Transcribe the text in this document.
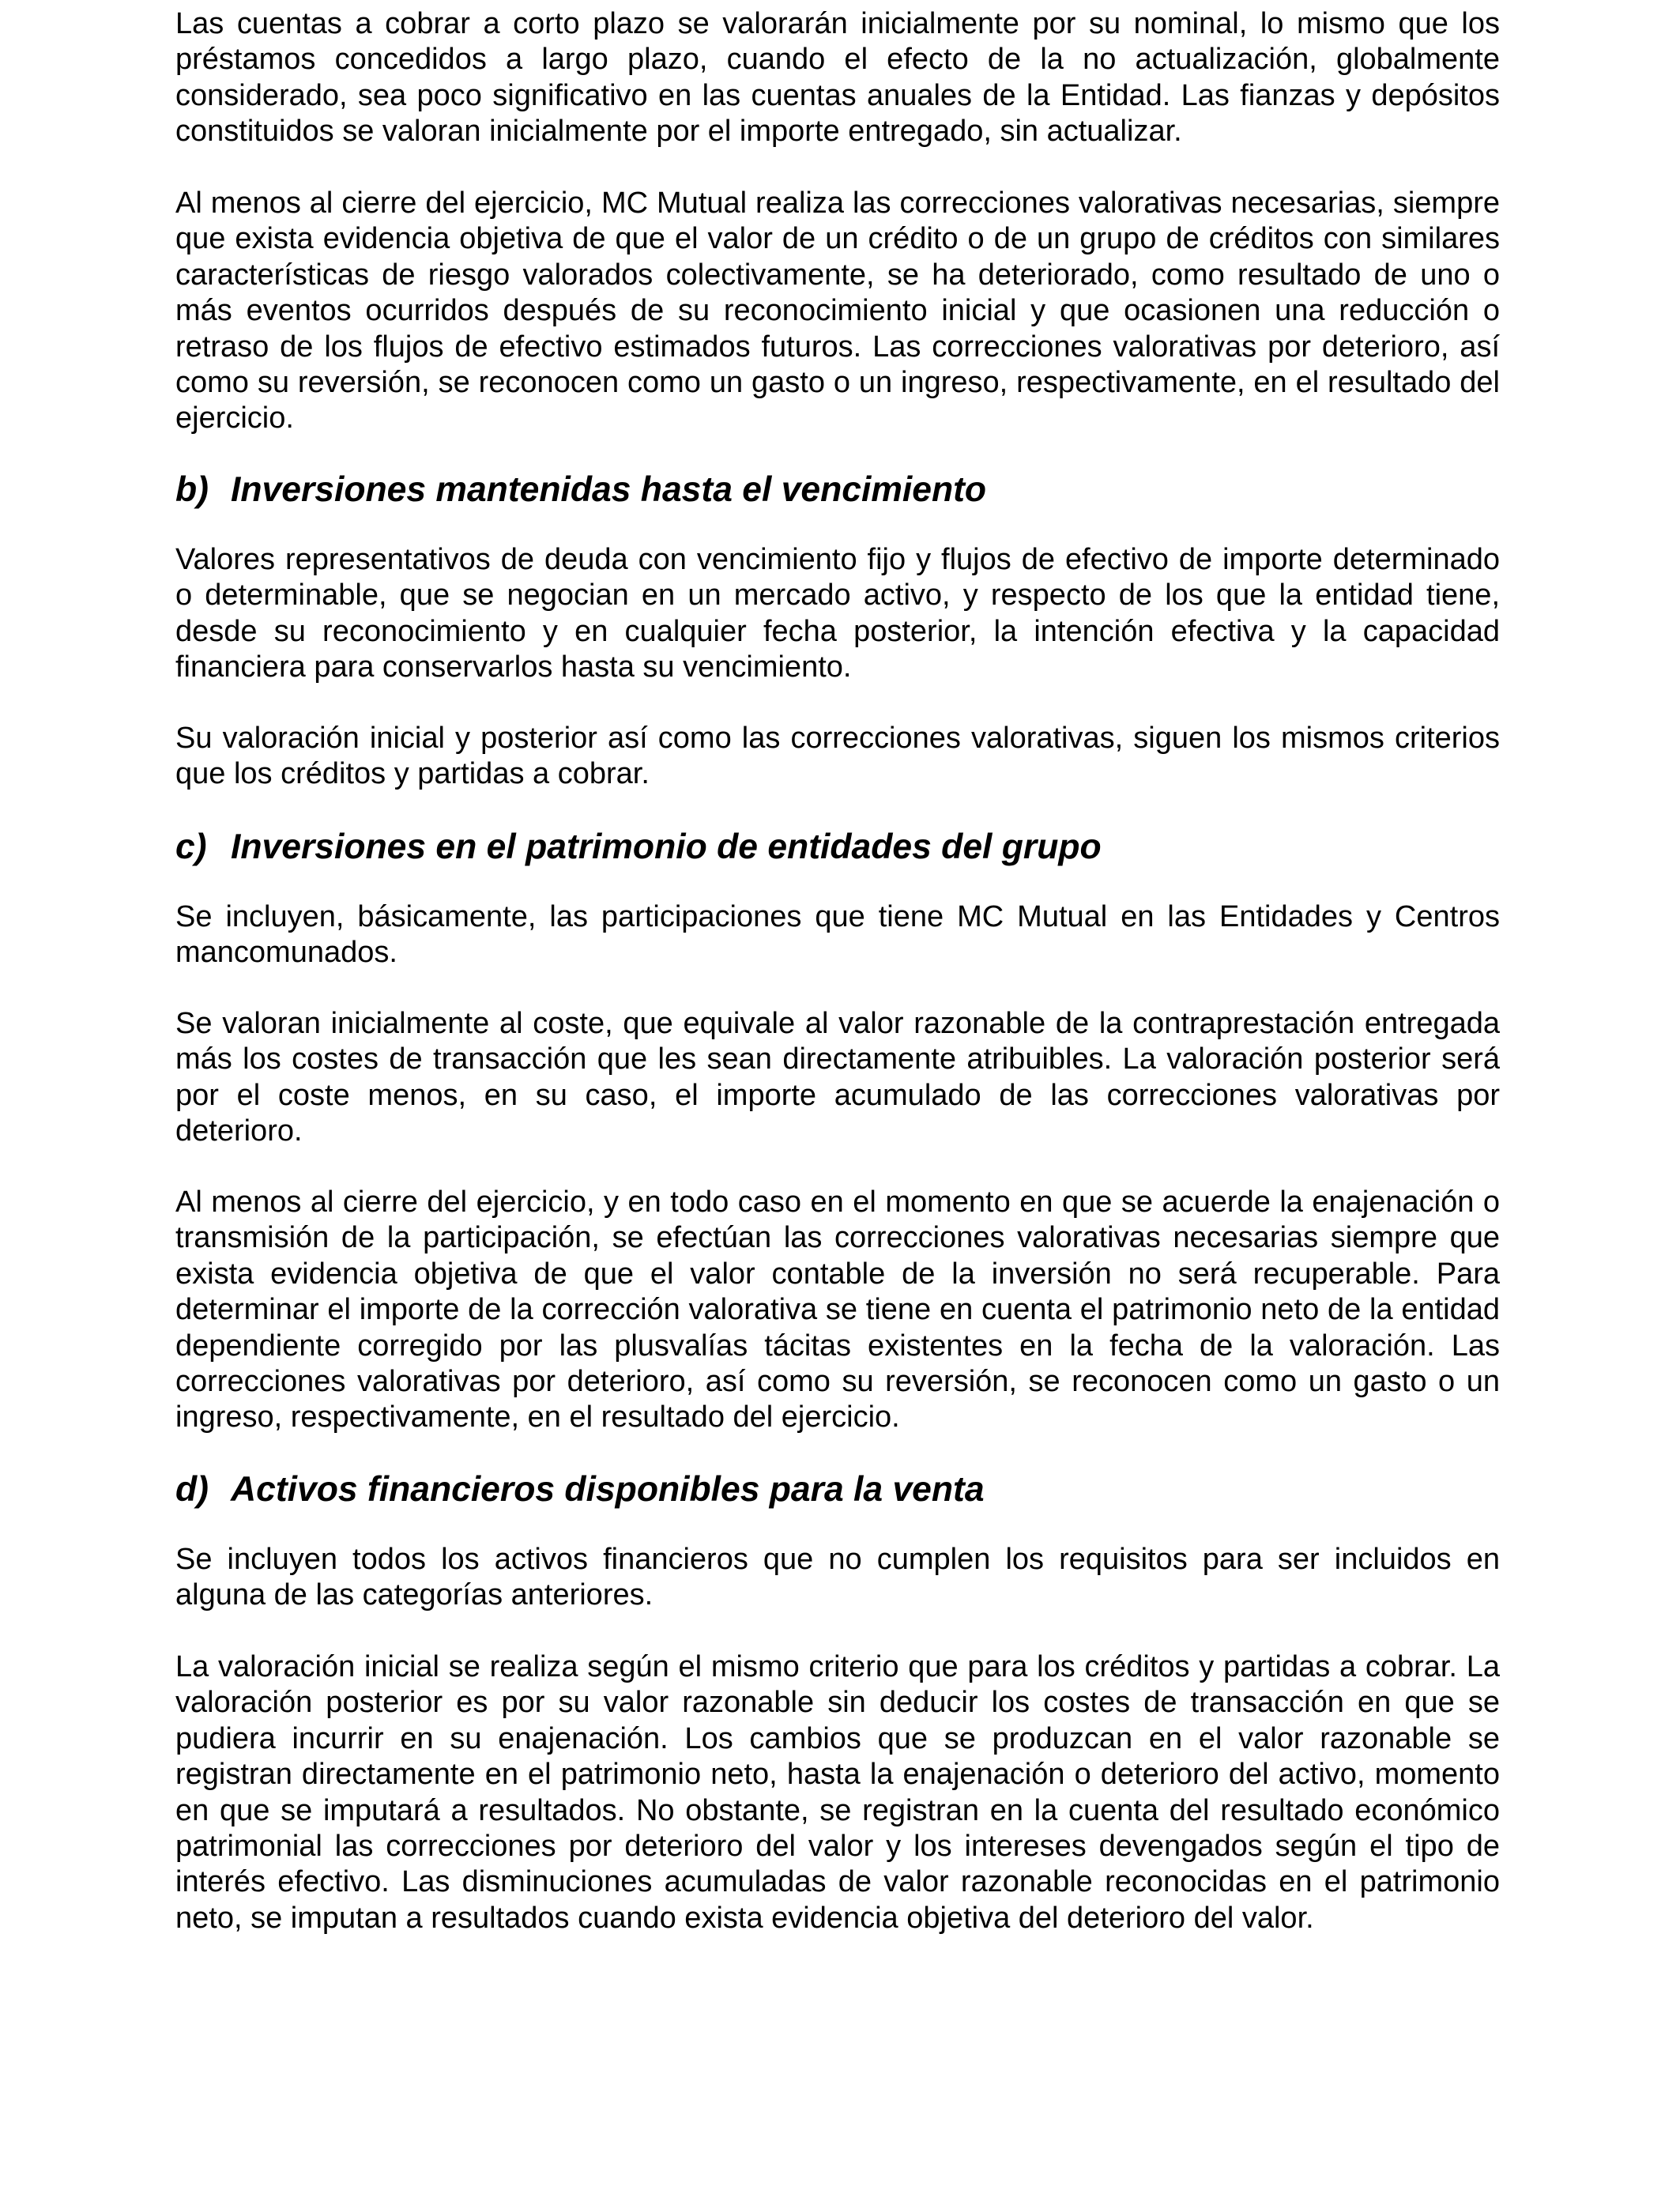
Las cuentas a cobrar a corto plazo se valorarán inicialmente por su nominal, lo mismo que los préstamos concedidos a largo plazo, cuando el efecto de la no actualización, globalmente considerado, sea poco significativo en las cuentas anuales de la Entidad. Las fianzas y depósitos constituidos se valoran inicialmente por el importe entregado, sin actualizar.

Al menos al cierre del ejercicio, MC Mutual realiza las correcciones valorativas necesarias, siempre que exista evidencia objetiva de que el valor de un crédito o de un grupo de créditos con similares características de riesgo valorados colectivamente, se ha deteriorado, como resultado de uno o más eventos ocurridos después de su reconocimiento inicial y que ocasionen una reducción o retraso de los flujos de efectivo estimados futuros. Las correcciones valorativas por deterioro, así como su reversión, se reconocen como un gasto o un ingreso, respectivamente, en el resultado del ejercicio.

b) Inversiones mantenidas hasta el vencimiento

Valores representativos de deuda con vencimiento fijo y flujos de efectivo de importe determinado o determinable, que se negocian en un mercado activo, y respecto de los que la entidad tiene, desde su reconocimiento y en cualquier fecha posterior, la intención efectiva y la capacidad financiera para conservarlos hasta su vencimiento.

Su valoración inicial y posterior así como las correcciones valorativas, siguen los mismos criterios que los créditos y partidas a cobrar.

c) Inversiones en el patrimonio de entidades del grupo

Se incluyen, básicamente, las participaciones que tiene MC Mutual en las Entidades y Centros mancomunados.

Se valoran inicialmente al coste, que equivale al valor razonable de la contraprestación entregada más los costes de transacción que les sean directamente atribuibles. La valoración posterior será por el coste menos, en su caso, el importe acumulado de las correcciones valorativas por deterioro.

Al menos al cierre del ejercicio, y en todo caso en el momento en que se acuerde la enajenación o transmisión de la participación, se efectúan las correcciones valorativas necesarias siempre que exista evidencia objetiva de que el valor contable de la inversión no será recuperable. Para determinar el importe de la corrección valorativa se tiene en cuenta el patrimonio neto de la entidad dependiente corregido por las plusvalías tácitas existentes en la fecha de la valoración. Las correcciones valorativas por deterioro, así como su reversión, se reconocen como un gasto o un ingreso, respectivamente, en el resultado del ejercicio.

d) Activos financieros disponibles para la venta

Se incluyen todos los activos financieros que no cumplen los requisitos para ser incluidos en alguna de las categorías anteriores.

La valoración inicial se realiza según el mismo criterio que para los créditos y partidas a cobrar. La valoración posterior es por su valor razonable sin deducir los costes de transacción en que se pudiera incurrir en su enajenación. Los cambios que se produzcan en el valor razonable se registran directamente en el patrimonio neto, hasta la enajenación o deterioro del activo, momento en que se imputará a resultados. No obstante, se registran en la cuenta del resultado económico patrimonial las correcciones por deterioro del valor y los intereses devengados según el tipo de interés efectivo. Las disminuciones acumuladas de valor razonable reconocidas en el patrimonio neto, se imputan a resultados cuando exista evidencia objetiva del deterioro del valor.
